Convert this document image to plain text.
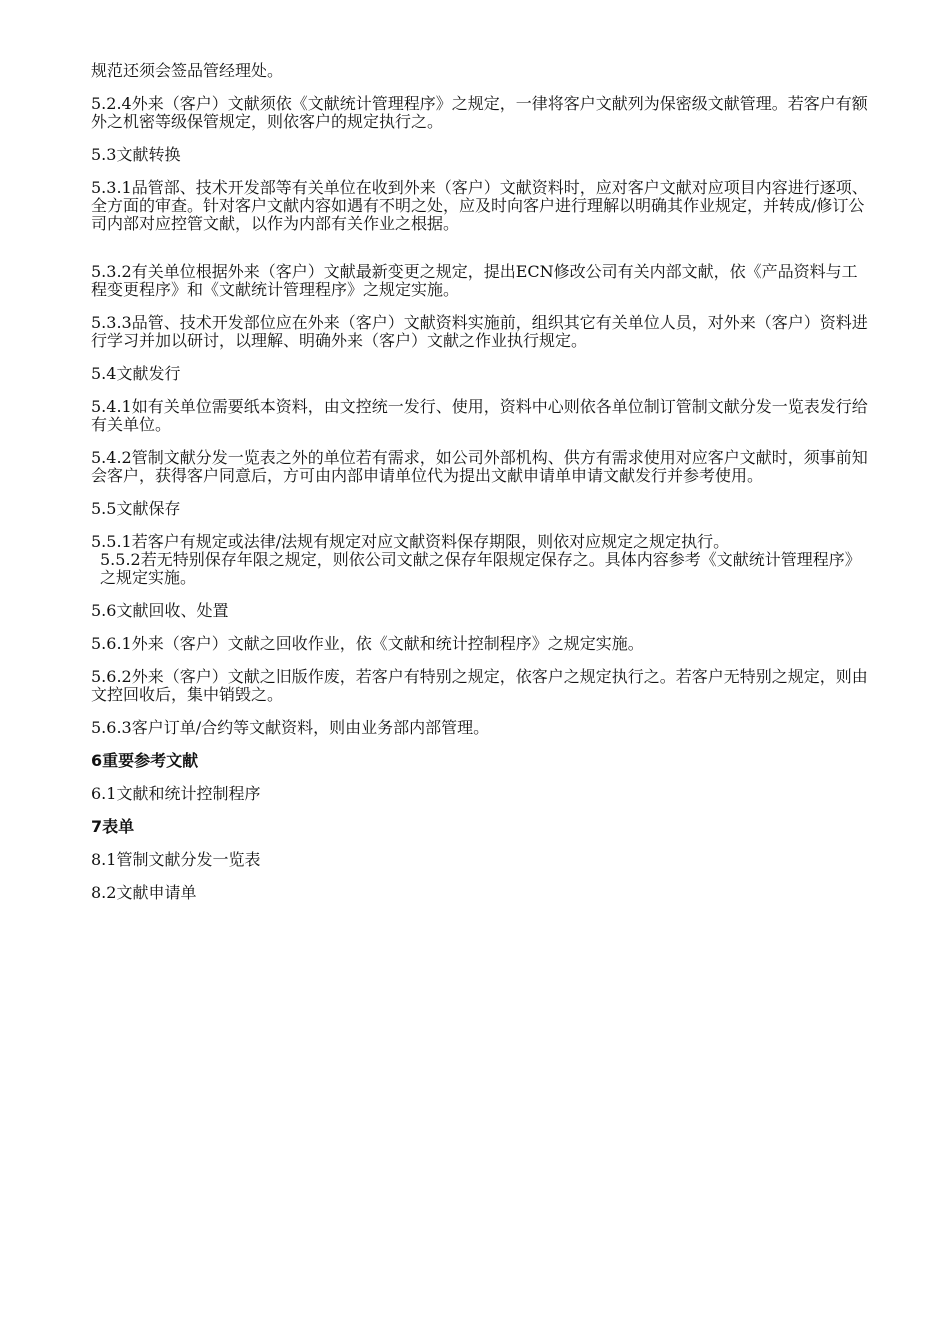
规范还须会签品管经理处。

5.2.4外来（客户）文献须依《文献统计管理程序》之规定，一律将客户文献列为保密级文献管理。若客户有额外之机密等级保管规定，则依客户的规定执行之。

5.3文献转换

5.3.1品管部、技术开发部等有关单位在收到外来（客户）文献资料时，应对客户文献对应项目内容进行逐项、全方面的审查。针对客户文献内容如遇有不明之处，应及时向客户进行理解以明确其作业规定，并转成/修订公司内部对应控管文献，以作为内部有关作业之根据。

5.3.2有关单位根据外来（客户）文献最新变更之规定，提出ECN修改公司有关内部文献，依《产品资料与工程变更程序》和《文献统计管理程序》之规定实施。

5.3.3品管、技术开发部位应在外来（客户）文献资料实施前，组织其它有关单位人员，对外来（客户）资料进行学习并加以研讨，以理解、明确外来（客户）文献之作业执行规定。

5.4文献发行

5.4.1如有关单位需要纸本资料，由文控统一发行、使用，资料中心则依各单位制订管制文献分发一览表发行给有关单位。

5.4.2管制文献分发一览表之外的单位若有需求，如公司外部机构、供方有需求使用对应客户文献时，须事前知会客户，获得客户同意后，方可由内部申请单位代为提出文献申请单申请文献发行并参考使用。

5.5文献保存

5.5.1若客户有规定或法律/法规有规定对应文献资料保存期限，则依对应规定之规定执行。

5.5.2若无特别保存年限之规定，则依公司文献之保存年限规定保存之。具体内容参考《文献统计管理程序》之规定实施。

5.6文献回收、处置

5.6.1外来（客户）文献之回收作业，依《文献和统计控制程序》之规定实施。

5.6.2外来（客户）文献之旧版作废，若客户有特别之规定，依客户之规定执行之。若客户无特别之规定，则由文控回收后，集中销毁之。

5.6.3客户订单/合约等文献资料，则由业务部内部管理。

6重要参考文献

6.1文献和统计控制程序

7表单

8.1管制文献分发一览表

8.2文献申请单
